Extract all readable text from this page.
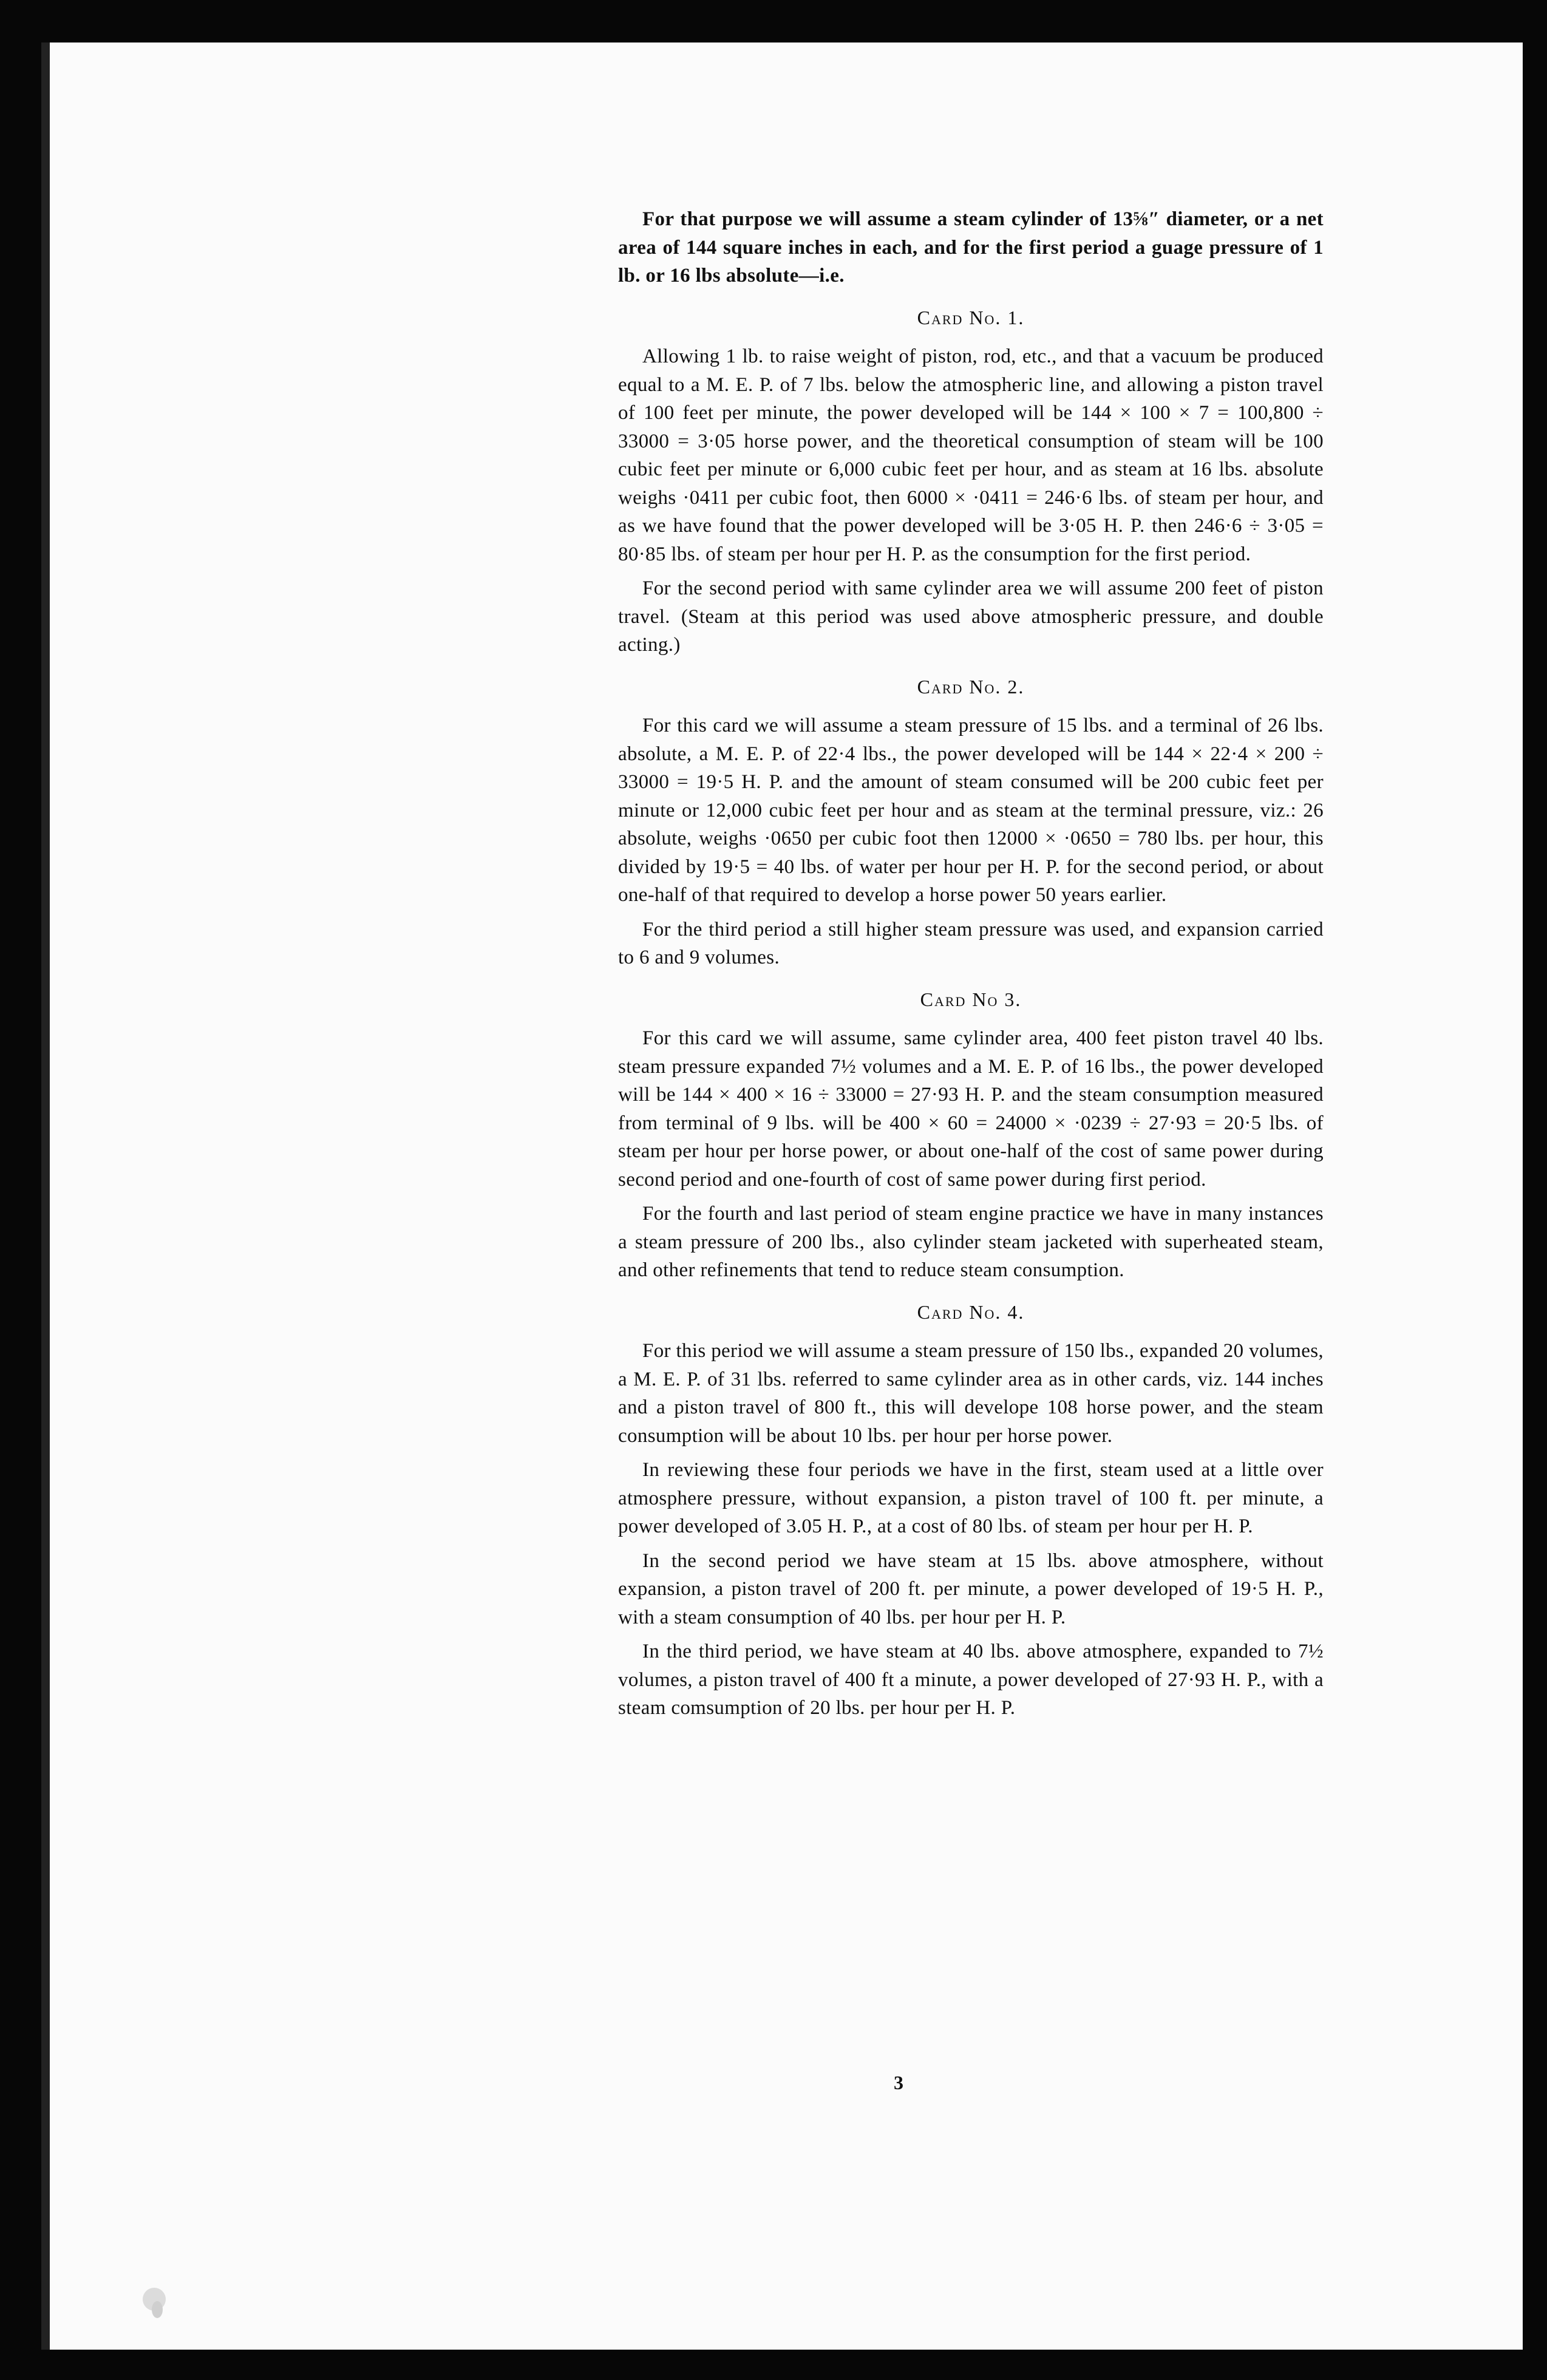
For that purpose we will assume a steam cylinder of 13⅝″ diameter, or a net area of 144 square inches in each, and for the first period a guage pressure of 1 lb. or 16 lbs absolute—i.e.

Card No. 1.

Allowing 1 lb. to raise weight of piston, rod, etc., and that a vacuum be produced equal to a M. E. P. of 7 lbs. below the atmospheric line, and allowing a piston travel of 100 feet per minute, the power developed will be 144 × 100 × 7 = 100,800 ÷ 33000 = 3·05 horse power, and the theoretical consumption of steam will be 100 cubic feet per minute or 6,000 cubic feet per hour, and as steam at 16 lbs. absolute weighs ·0411 per cubic foot, then 6000 × ·0411 = 246·6 lbs. of steam per hour, and as we have found that the power developed will be 3·05 H. P. then 246·6 ÷ 3·05 = 80·85 lbs. of steam per hour per H. P. as the consumption for the first period.

For the second period with same cylinder area we will assume 200 feet of piston travel. (Steam at this period was used above atmospheric pressure, and double acting.)

Card No. 2.

For this card we will assume a steam pressure of 15 lbs. and a terminal of 26 lbs. absolute, a M. E. P. of 22·4 lbs., the power developed will be 144 × 22·4 × 200 ÷ 33000 = 19·5 H. P. and the amount of steam consumed will be 200 cubic feet per minute or 12,000 cubic feet per hour and as steam at the terminal pressure, viz.: 26 absolute, weighs ·0650 per cubic foot then 12000 × ·0650 = 780 lbs. per hour, this divided by 19·5 = 40 lbs. of water per hour per H. P. for the second period, or about one-half of that required to develop a horse power 50 years earlier.

For the third period a still higher steam pressure was used, and expansion carried to 6 and 9 volumes.

Card No 3.

For this card we will assume, same cylinder area, 400 feet piston travel 40 lbs. steam pressure expanded 7½ volumes and a M. E. P. of 16 lbs., the power developed will be 144 × 400 × 16 ÷ 33000 = 27·93 H. P. and the steam consumption measured from terminal of 9 lbs. will be 400 × 60 = 24000 × ·0239 ÷ 27·93 = 20·5 lbs. of steam per hour per horse power, or about one-half of the cost of same power during second period and one-fourth of cost of same power during first period.

For the fourth and last period of steam engine practice we have in many instances a steam pressure of 200 lbs., also cylinder steam jacketed with superheated steam, and other refinements that tend to reduce steam consumption.

Card No. 4.

For this period we will assume a steam pressure of 150 lbs., expanded 20 volumes, a M. E. P. of 31 lbs. referred to same cylinder area as in other cards, viz. 144 inches and a piston travel of 800 ft., this will develope 108 horse power, and the steam consumption will be about 10 lbs. per hour per horse power.

In reviewing these four periods we have in the first, steam used at a little over atmosphere pressure, without expansion, a piston travel of 100 ft. per minute, a power developed of 3.05 H. P., at a cost of 80 lbs. of steam per hour per H. P.

In the second period we have steam at 15 lbs. above atmosphere, without expansion, a piston travel of 200 ft. per minute, a power developed of 19·5 H. P., with a steam consumption of 40 lbs. per hour per H. P.

In the third period, we have steam at 40 lbs. above atmosphere, expanded to 7½ volumes, a piston travel of 400 ft a minute, a power developed of 27·93 H. P., with a steam comsumption of 20 lbs. per hour per H. P.

3
